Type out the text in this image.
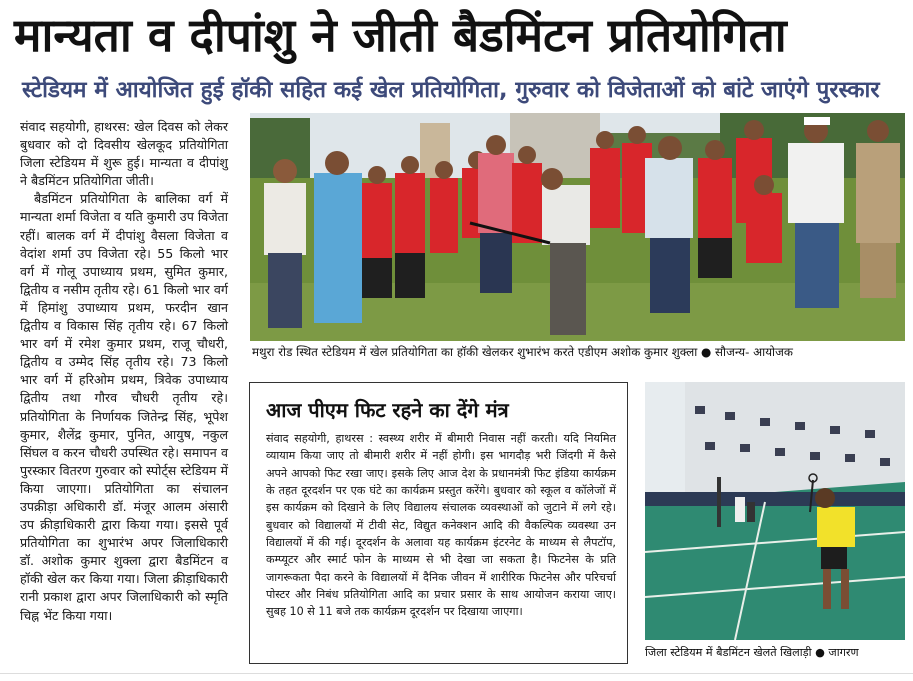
मान्यता व दीपांशु ने जीती बैडमिंटन प्रतियोगिता
स्टेडियम में आयोजित हुई हॉकी सहित कई खेल प्रतियोगिता, गुरुवार को विजेताओं को बांटे जाएंगे पुरस्कार

संवाद सहयोगी, हाथरस: खेल दिवस को लेकर बुधवार को दो दिवसीय खेलकूद प्रतियोगिता जिला स्टेडियम में शुरू हुई। मान्यता व दीपांशु ने बैडमिंटन प्रतियोगिता जीती।

बैडमिंटन प्रतियोगिता के बालिका वर्ग में मान्यता शर्मा विजेता व यति कुमारी उप विजेता रहीं। बालक वर्ग में दीपांशु वैसला विजेता व वेदांश शर्मा उप विजेता रहे। 55 किलो भार वर्ग में गोलू उपाध्याय प्रथम, सुमित कुमार, द्वितीय व नसीम तृतीय रहे। 61 किलो भार वर्ग में हिमांशु उपाध्याय प्रथम, फरदीन खान द्वितीय व विकास सिंह तृतीय रहे। 67 किलो भार वर्ग में रमेश कुमार प्रथम, राजू चौधरी, द्वितीय व उम्मेद सिंह तृतीय रहे। 73 किलो भार वर्ग में हरिओम प्रथम, त्रिवेक उपाध्याय द्वितीय तथा गौरव चौधरी तृतीय रहे। प्रतियोगिता के निर्णायक जितेन्द्र सिंह, भूपेश कुमार, शैलेंद्र कुमार, पुनित, आयुष, नकुल सिंघल व करन चौधरी उपस्थित रहे। समापन व पुरस्कार वितरण गुरुवार को स्पोर्ट्स स्टेडियम में किया जाएगा। प्रतियोगिता का संचालन उपक्रीड़ा अधिकारी डॉ. मंजूर आलम अंसारी उप क्रीड़ाधिकारी द्वारा किया गया। इससे पूर्व प्रतियोगिता का शुभारंभ अपर जिलाधिकारी डॉ. अशोक कुमार शुक्ला द्वारा बैडमिंटन व हॉकी खेल कर किया गया। जिला क्रीड़ाधिकारी रानी प्रकाश द्वारा अपर जिलाधिकारी को स्मृति चिह्न भेंट किया गया।

मथुरा रोड स्थित स्टेडियम में खेल प्रतियोगिता का हॉकी खेलकर शुभारंभ करते एडीएम अशोक कुमार शुक्ला ● सौजन्य- आयोजक
आज पीएम फिट रहने का देंगे मंत्र
संवाद सहयोगी, हाथरस : स्वस्थ्य शरीर में बीमारी निवास नहीं करती। यदि नियमित व्यायाम किया जाए तो बीमारी शरीर में नहीं होगी। इस भागदौड़ भरी जिंदगी में कैसे अपने आपको फिट रखा जाए। इसके लिए आज देश के प्रधानमंत्री फिट इंडिया कार्यक्रम के तहत दूरदर्शन पर एक घंटे का कार्यक्रम प्रस्तुत करेंगे। बुधवार को स्कूल व कॉलेजों में इस कार्यक्रम को दिखाने के लिए विद्यालय संचालक व्यवस्थाओं को जुटाने में लगे रहे। बुधवार को विद्यालयों में टीवी सेट, विद्युत कनेक्शन आदि की वैकल्पिक व्यवस्था उन विद्यालयों में की गई। दूरदर्शन के अलावा यह कार्यक्रम इंटरनेट के माध्यम से लैपटॉप, कम्प्यूटर और स्मार्ट फोन के माध्यम से भी देखा जा सकता है। फिटनेस के प्रति जागरूकता पैदा करने के विद्यालयों में दैनिक जीवन में शारीरिक फिटनेस और परिचर्चा पोस्टर और निबंध प्रतियोगिता आदि का प्रचार प्रसार के साथ आयोजन कराया जाए। सुबह 10 से 11 बजे तक कार्यक्रम दूरदर्शन पर दिखाया जाएगा।
जिला स्टेडियम में बैडमिंटन खेलते खिलाड़ी ● जागरण
